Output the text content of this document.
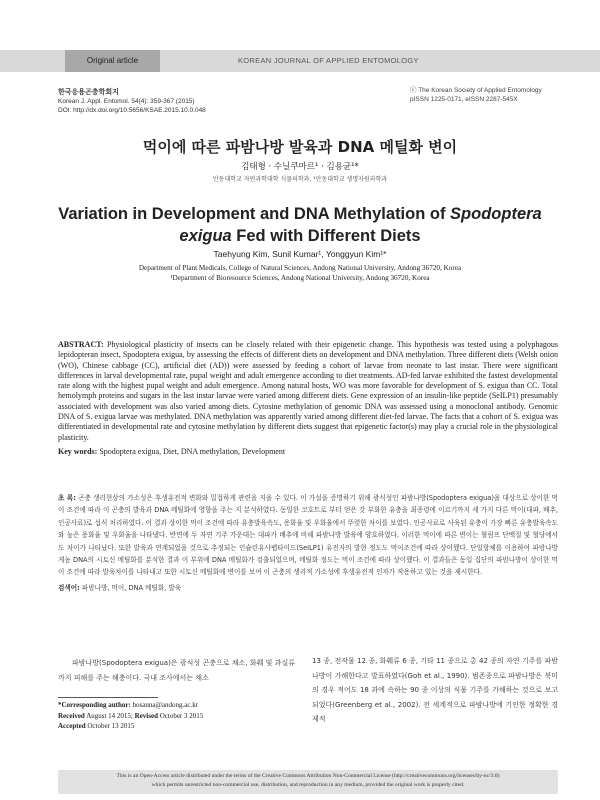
Original article	KOREAN JOURNAL OF APPLIED ENTOMOLOGY
한국응용곤충학회지
Korean J. Appl. Entomol. 54(4): 359-367 (2015)
DOI: http://dx.doi.org/10.5656/KSAE.2015.10.0.048
ⓒ The Korean Society of Applied Entomology
pISSN 1225-0171, eISSN 2287-545X
먹이에 따른 파밤나방 발육과 DNA 메틸화 변이
김태형 · 수닐쿠마르¹ · 김용균¹*
안동대학교 자연과학대학 식물의학과, ¹안동대학교 생명자원과학과
Variation in Development and DNA Methylation of Spodoptera exigua Fed with Different Diets
Taehyung Kim, Sunil Kumar¹, Yonggyun Kim¹*
Department of Plant Medicals, College of Natural Sciences, Andong National University, Andong 36720, Korea
¹Department of Bioresource Sciences, Andong National University, Andong 36720, Korea
ABSTRACT: Physiological plasticity of insects can be closely related with their epigenetic change. This hypothesis was tested using a polyphagous lepidopteran insect, Spodoptera exigua, by assessing the effects of different diets on development and DNA methylation. Three different diets (Welsh onion (WO), Chinese cabbage (CC), artificial diet (AD)) were assessed by feeding a cohort of larvae from neonate to last instar. There were significant differences in larval developmental rate, pupal weight and adult emergence according to diet treatments. AD-fed larvae exhibited the fastest developmental rate along with the highest pupal weight and adult emergence. Among natural hosts, WO was more favorable for development of S. exigua than CC. Total hemolymph proteins and sugars in the last instar larvae were varied among different diets. Gene expression of an insulin-like peptide (SeILP1) presumably associated with development was also varied among diets. Cytosine methylation of genomic DNA was assessed using a monoclonal antibody. Genomic DNA of S. exigua larvae was methylated. DNA methylation was apparently varied among different diet-fed larvae. The facts that a cohort of S. exigua was differentiated in developmental rate and cytosine methylation by different diets suggest that epigenetic factor(s) may play a crucial role in the physiological plasticity.
Key words: Spodoptera exigua, Diet, DNA methylation, Development
초 록: 곤충 생리현상의 가소성은 후생유전적 변화와 밀접하게 관련을 지을 수 있다. 이 가설을 증명하기 위해 광식성인 파밤나방(Spodoptera exigua)을 대상으로 상이한 먹이 조건에 따라 이 곤충의 발육과 DNA 메틸화에 영향을 주는 지 분석하였다. 동일한 코호트로 부터 얻은 갓 부화한 유충을 최종령에 이르기까지 세 가지 다른 먹이(대파, 배추, 인공사료)로 섭식 처리하였다. 이 결과 상이한 먹이 조건에 따라 유충발육속도, 용화율 및 우화율에서 뚜렷한 차이를 보였다. 인공사료로 사육된 유충이 가장 빠른 유충발육속도와 높은 용화율 및 우화율을 나타냈다. 반면에 두 자연 기주 가운데는 대파가 배추에 비해 파밤나방 발육에 양호하였다. 이러한 먹이에 따른 변이는 혈림프 단백질 및 혈당에서도 차이가 나타났다. 또한 발육과 연계되었을 것으로 추정되는 인슐린유사펩타이드(SeILP1) 유전자의 발현 정도도 먹이조건에 따라 상이했다. 단일항체를 이용하여 파밤나방 게놈 DNA의 시토신 메틸화를 분석한 결과 이 부위에 DNA 메틸화가 검출되었으며, 메틸화 정도는 먹이 조건에 따라 상이했다. 이 결과들은 동일 집단의 파밤나방이 상이한 먹이 조건에 따라 발육차이를 나타내고 또한 시토신 메틸화에 변이를 보여 이 곤충의 생리적 가소성에 후생유전적 인자가 작용하고 있는 것을 제시한다.
검색어: 파밤나방, 먹이, DNA 메틸화, 발육
파밤나방(Spodoptera exigua)은 광식성 곤충으로 채소, 화훼 및 과실류까지 피해를 주는 해충이다. 국내 조사에서는 채소
13 종, 전작물 12 종, 화훼류 6 종, 기타 11 종으로 총 42 종의 자연 기주를 파밤나방이 가해한다고 발표하였다(Goh et al., 1990). 범존종으로 파밤나방은 북미의 경우 적어도 18 과에 속하는 90 종 이상의 식물 기주를 가해하는 것으로 보고되었다(Greenberg et al., 2002). 전 세계적으로 파밤나방에 기인한 정확한 경제적
*Corresponding author: hosanna@andong.ac.kr
Received August 14 2015; Revised October 3 2015
Accepted October 13 2015
This is an Open-Access article distributed under the terms of the Creative Commons Attribution Non-Commercial License (http://creativecommons.org/licenses/by-nc/3.0)
which permits unrestricted non-commercial use, distribution, and reproduction in any medium, provided the original work is properly cited.
